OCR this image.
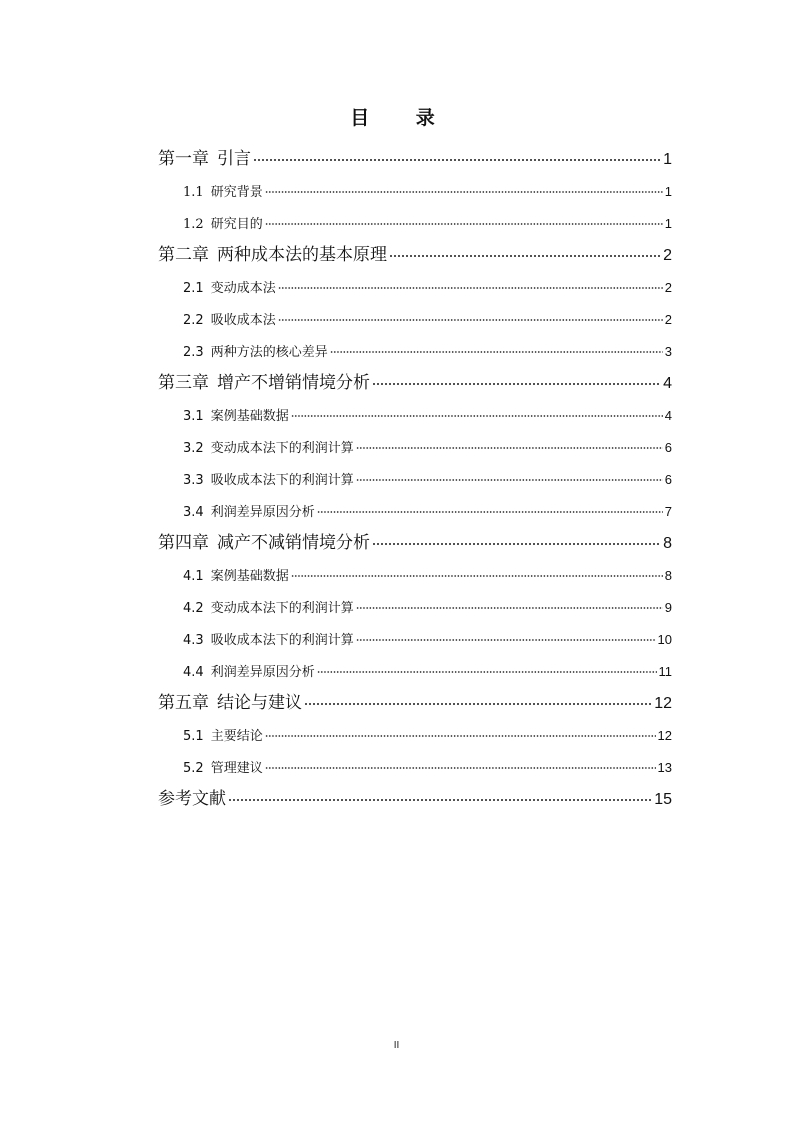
目 录
第一章 引言	1
1.1 研究背景	1
1.2 研究目的	1
第二章 两种成本法的基本原理	2
2.1 变动成本法	2
2.2 吸收成本法	2
2.3 两种方法的核心差异	3
第三章 增产不增销情境分析	4
3.1 案例基础数据	4
3.2 变动成本法下的利润计算	6
3.3 吸收成本法下的利润计算	6
3.4 利润差异原因分析	7
第四章 减产不减销情境分析	8
4.1 案例基础数据	8
4.2 变动成本法下的利润计算	9
4.3 吸收成本法下的利润计算	10
4.4 利润差异原因分析	11
第五章 结论与建议	12
5.1 主要结论	12
5.2 管理建议	13
参考文献	15
II
